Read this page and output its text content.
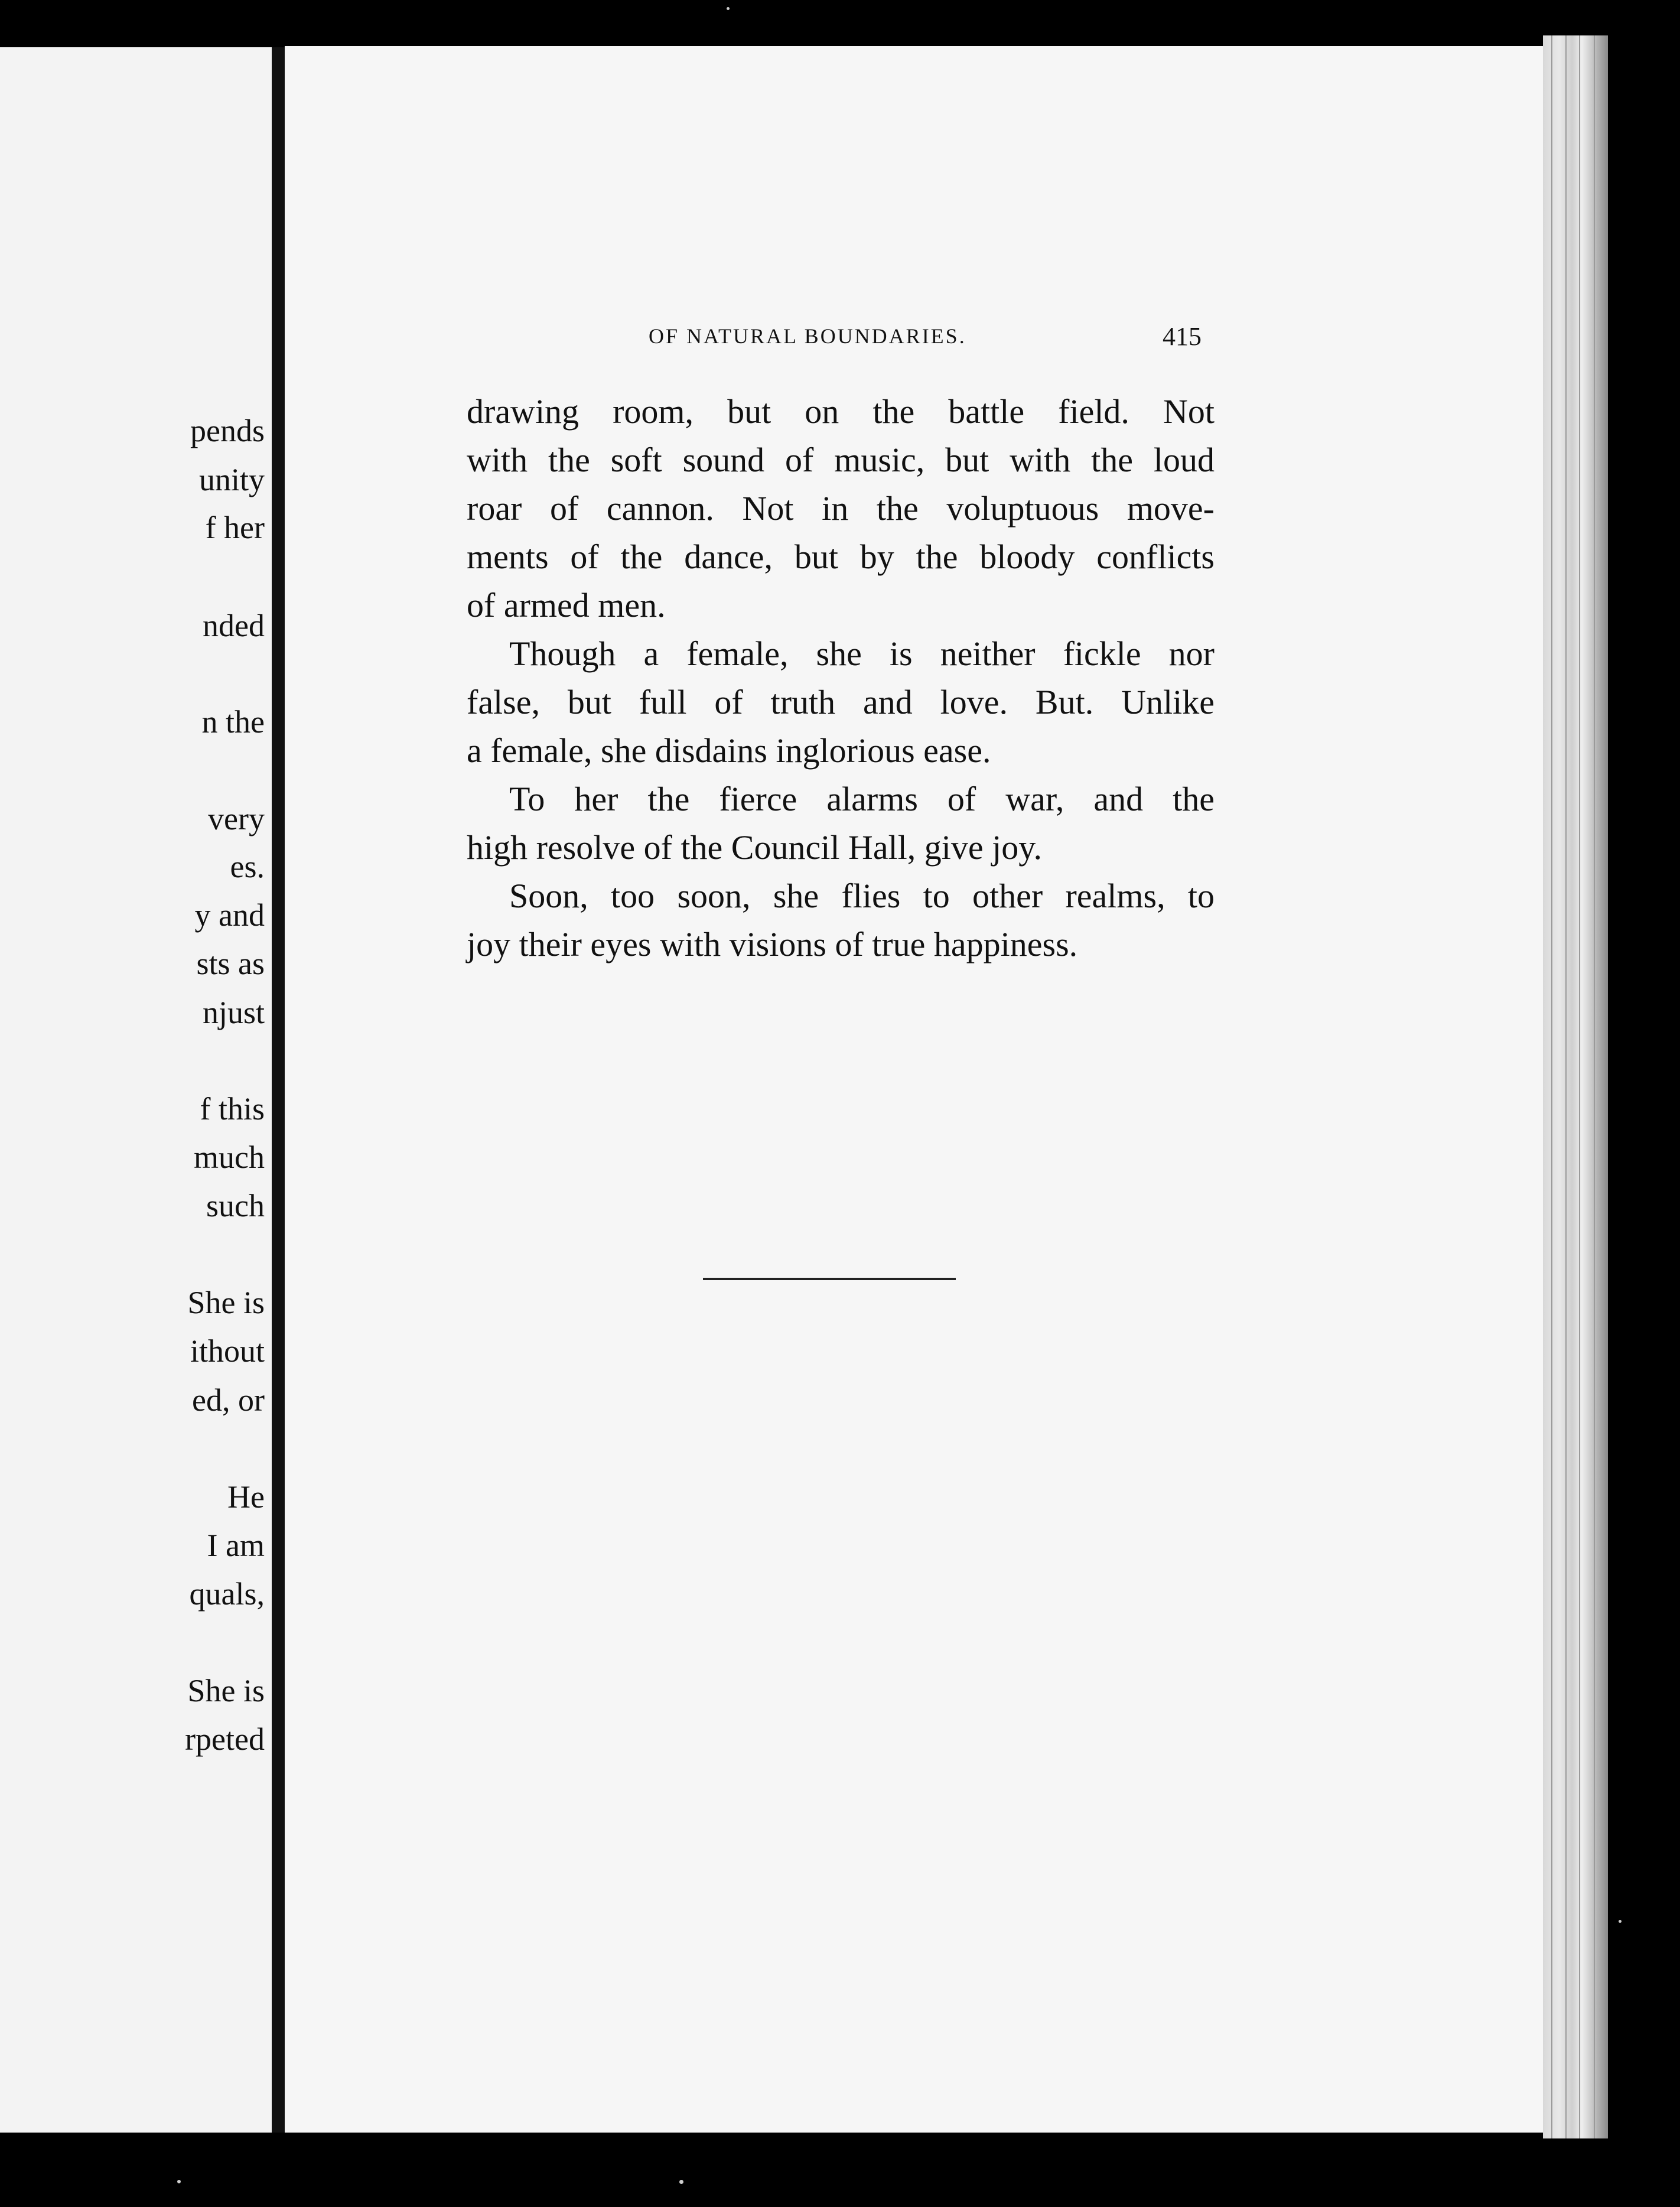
pends
unity
f her
nded
n the
very
es.
y and
sts as
njust
f this
much
such
She is
ithout
ed, or
He
I am
quals,
She is
rpeted
OF NATURAL BOUNDARIES.	415
drawing room, but on the battle field. Not
with the soft sound of music, but with the loud
roar of cannon. Not in the voluptuous move-
ments of the dance, but by the bloody conflicts
of armed men.
Though a female, she is neither fickle nor
false, but full of truth and love. But. Unlike
a female, she disdains inglorious ease.
To her the fierce alarms of war, and the
high resolve of the Council Hall, give joy.
Soon, too soon, she flies to other realms, to
joy their eyes with visions of true happiness.
